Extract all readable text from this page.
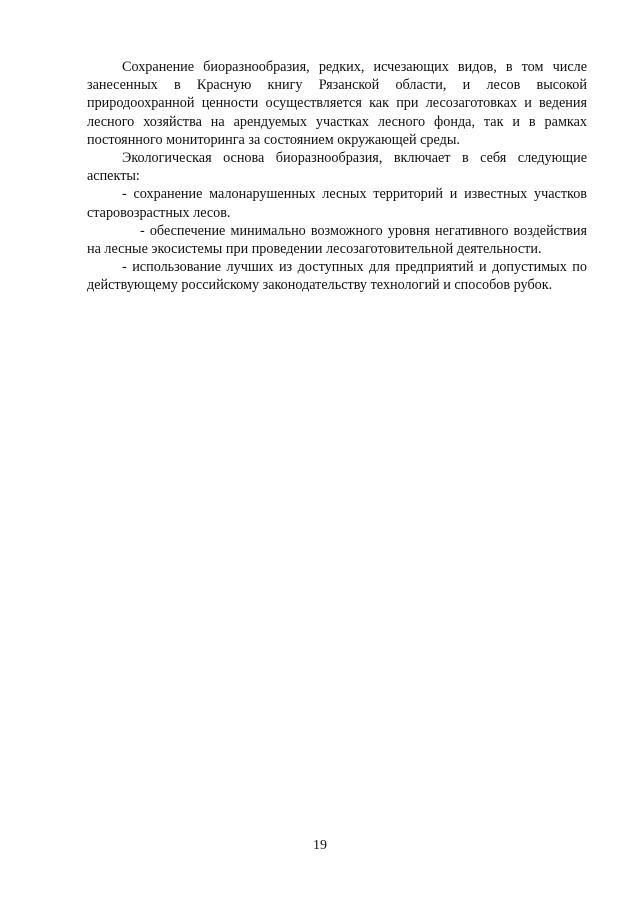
Сохранение биоразнообразия, редких, исчезающих видов, в том числе занесенных в Красную книгу Рязанской области, и лесов высокой природоохранной ценности осуществляется как при лесозаготовках и ведения лесного хозяйства на арендуемых участках лесного фонда, так и в рамках постоянного мониторинга за состоянием окружающей среды.

Экологическая основа биоразнообразия, включает в себя следующие аспекты:

- сохранение малонарушенных лесных территорий и известных участков старовозрастных лесов.

- обеспечение минимально возможного уровня негативного воздействия на лесные экосистемы при проведении лесозаготовительной деятельности.

- использование лучших из доступных для предприятий и допустимых по действующему российскому законодательству технологий и способов рубок.

19
